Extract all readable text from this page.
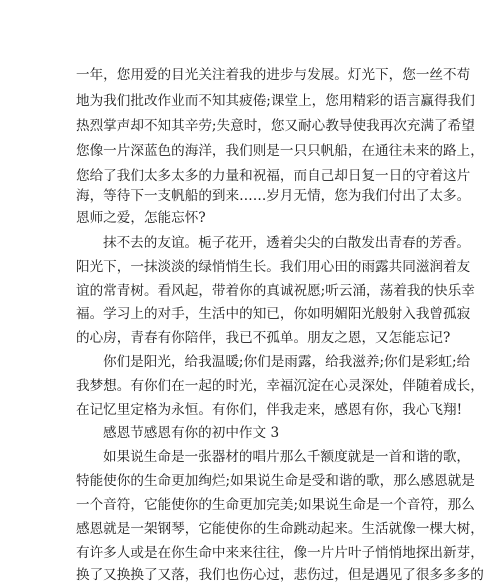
一年，您用爱的目光关注着我的进步与发展。灯光下，您一丝不苟

地为我们批改作业而不知其疲倦;课堂上，您用精彩的语言赢得我们

热烈掌声却不知其辛劳;失意时，您又耐心教导使我再次充满了希望

您像一片深蓝色的海洋，我们则是一只只帆船，在通往未来的路上，

您给了我们太多太多的力量和祝福，而自己却日复一日的守着这片

海，等待下一支帆船的到来……岁月无情，您为我们付出了太多。

恩师之爱，怎能忘怀?

抹不去的友谊。栀子花开，透着尖尖的白散发出青春的芳香。

阳光下，一抹淡淡的绿悄悄生长。我们用心田的雨露共同滋润着友

谊的常青树。看风起，带着你的真诚祝愿;听云涌，荡着我的快乐幸

福。学习上的对手，生活中的知已，你如明媚阳光般射入我曾孤寂

的心房，青春有你陪伴，我已不孤单。朋友之恩，又怎能忘记?

你们是阳光，给我温暖;你们是雨露，给我滋养;你们是彩虹;给

我梦想。有你们在一起的时光，幸福沉淀在心灵深处，伴随着成长，

在记忆里定格为永恒。有你们，伴我走来，感恩有你，我心飞翔!

感恩节感恩有你的初中作文 3

如果说生命是一张器材的唱片那么千额度就是一首和谐的歌，

特能使你的生命更加绚烂;如果说生命是受和谐的歌，那么感恩就是

一个音符，它能使你的生命更加完美;如果说生命是一个音符，那么

感恩就是一架钢琴，它能使你的生命跳动起来。生活就像一棵大树，

有许多人或是在你生命中来来往往，像一片片叶子悄悄地探出新芽，

换了又换换了又落，我们也伤心过，悲伤过，但是遇见了很多多多的
